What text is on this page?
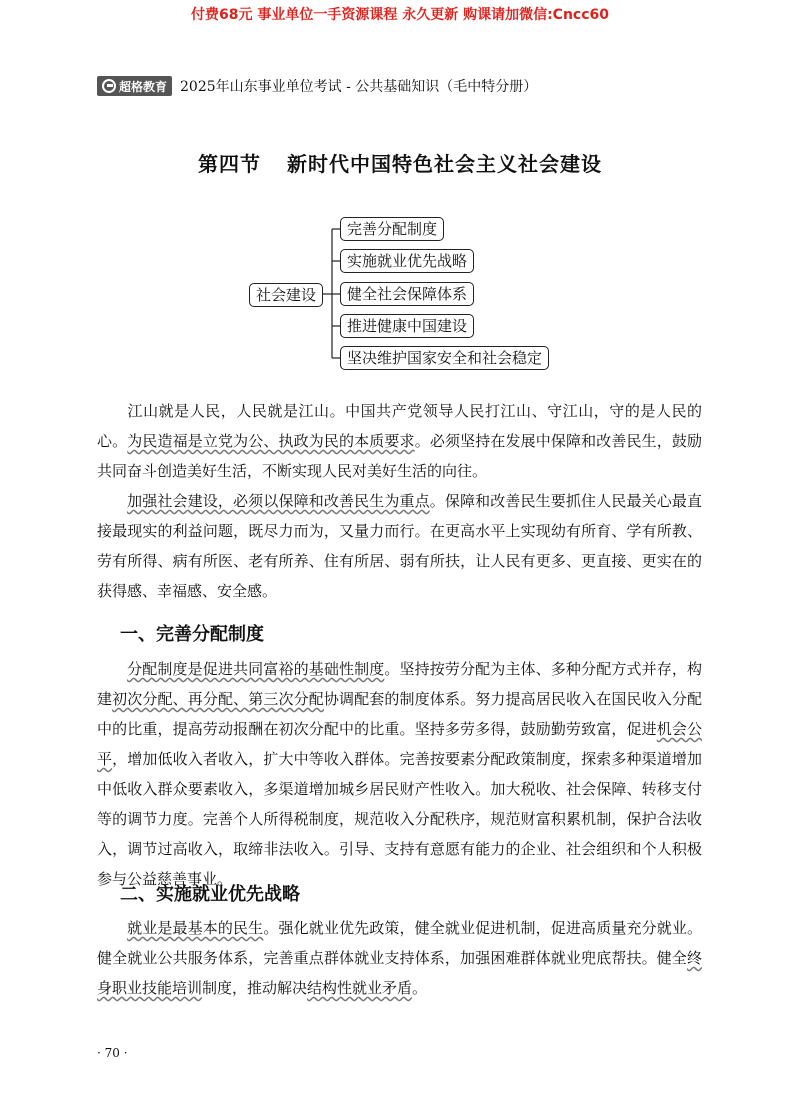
付费68元 事业单位一手资源课程 永久更新 购课请加微信:Cncc60
超格教育 2025年山东事业单位考试 - 公共基础知识（毛中特分册）
第四节 新时代中国特色社会主义社会建设
社会建设
完善分配制度
实施就业优先战略
健全社会保障体系
推进健康中国建设
坚决维护国家安全和社会稳定

江山就是人民，人民就是江山。中国共产党领导人民打江山、守江山，守的是人民的心。为民造福是立党为公、执政为民的本质要求。必须坚持在发展中保障和改善民生，鼓励共同奋斗创造美好生活，不断实现人民对美好生活的向往。

加强社会建设，必须以保障和改善民生为重点。保障和改善民生要抓住人民最关心最直接最现实的利益问题，既尽力而为，又量力而行。在更高水平上实现幼有所育、学有所教、劳有所得、病有所医、老有所养、住有所居、弱有所扶，让人民有更多、更直接、更实在的获得感、幸福感、安全感。

一、完善分配制度

分配制度是促进共同富裕的基础性制度。坚持按劳分配为主体、多种分配方式并存，构建初次分配、再分配、第三次分配协调配套的制度体系。努力提高居民收入在国民收入分配中的比重，提高劳动报酬在初次分配中的比重。坚持多劳多得，鼓励勤劳致富，促进机会公平，增加低收入者收入，扩大中等收入群体。完善按要素分配政策制度，探索多种渠道增加中低收入群众要素收入，多渠道增加城乡居民财产性收入。加大税收、社会保障、转移支付等的调节力度。完善个人所得税制度，规范收入分配秩序，规范财富积累机制，保护合法收入，调节过高收入，取缔非法收入。引导、支持有意愿有能力的企业、社会组织和个人积极参与公益慈善事业。

二、实施就业优先战略

就业是最基本的民生。强化就业优先政策，健全就业促进机制，促进高质量充分就业。健全就业公共服务体系，完善重点群体就业支持体系，加强困难群体就业兜底帮扶。健全终身职业技能培训制度，推动解决结构性就业矛盾。

· 70 ·
